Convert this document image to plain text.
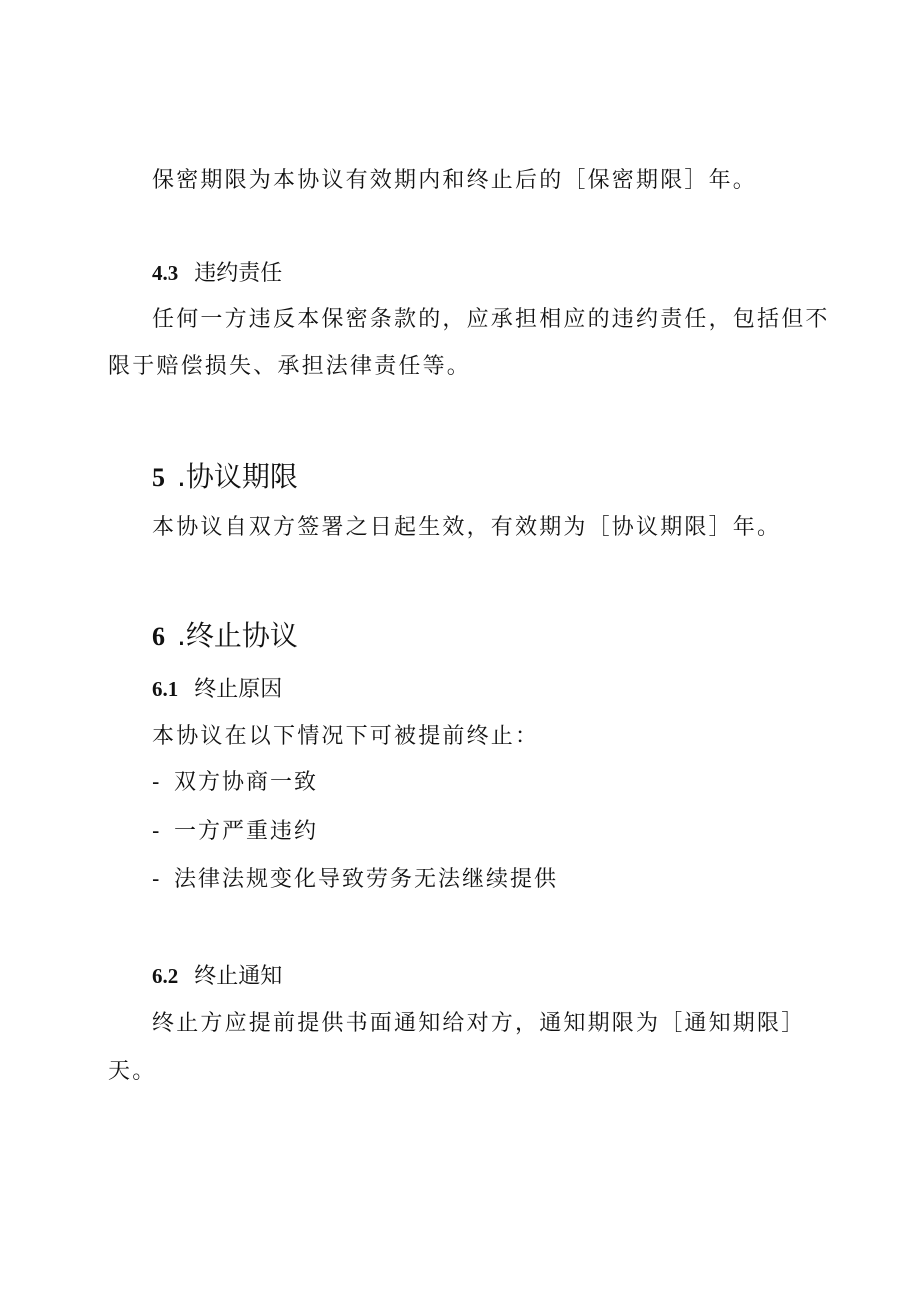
保密期限为本协议有效期内和终止后的［保密期限］年。

4.3 违约责任

任何一方违反本保密条款的，应承担相应的违约责任，包括但不

限于赔偿损失、承担法律责任等。

5 .协议期限

本协议自双方签署之日起生效，有效期为［协议期限］年。

6 .终止协议
6.1 终止原因

本协议在以下情况下可被提前终止：

- 双方协商一致
- 一方严重违约
- 法律法规变化导致劳务无法继续提供
6.2 终止通知

终止方应提前提供书面通知给对方，通知期限为［通知期限］

天。
